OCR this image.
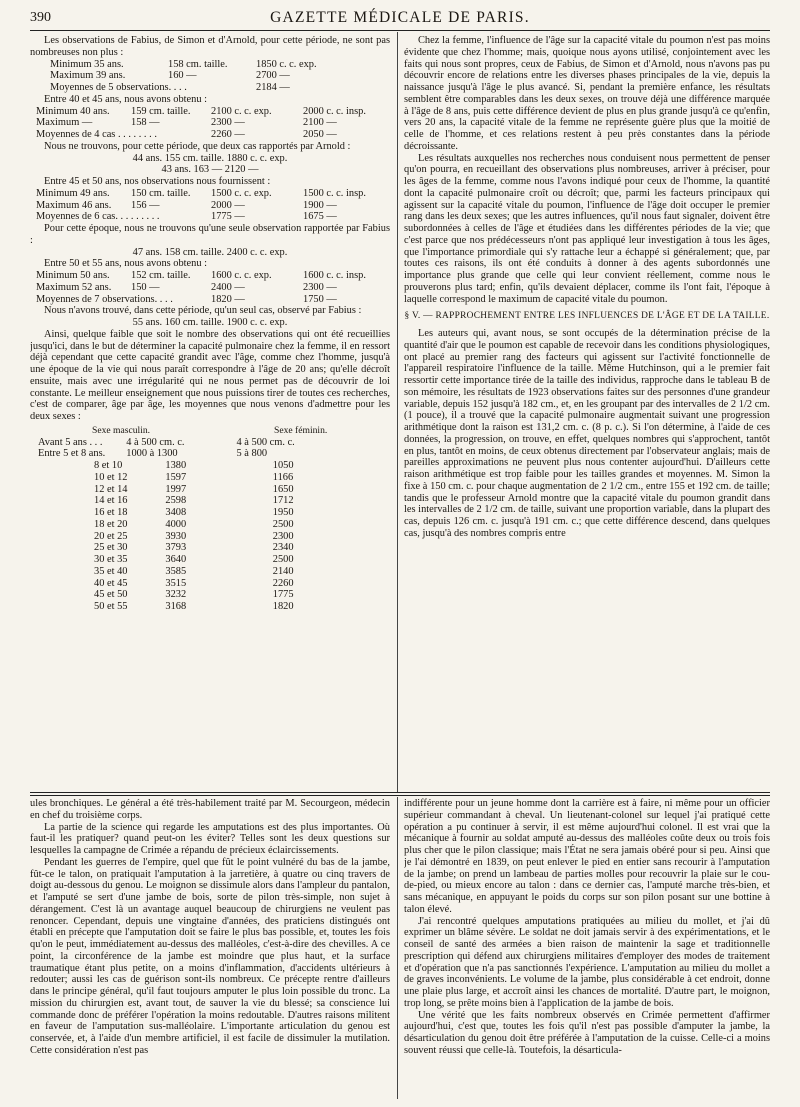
390	GAZETTE MÉDICALE DE PARIS.

Les observations de Fabius, de Simon et d'Arnold, pour cette période, ne sont pas nombreuses non plus :

Minimum 35 ans.	158 cm. taille.	1850 c. c. exp.
Maximum 39 ans.	160 —	2700 —
Moyennes de 5 observations. . . .	2184 —

Entre 40 et 45 ans, nous avons obtenu :

Minimum 40 ans.	159 cm. taille.	2100 c. c. exp.	2000 c. c. insp.
Maximum —	158 —	2300 —	2100 —
Moyennes de 4 cas . . . . . . . .	2260 —	2050 —

Nous ne trouvons, pour cette période, que deux cas rapportés par Arnold :

44 ans. 155 cm. taille. 1880 c. c. exp.
43 ans. 163 — 2120 —

Entre 45 et 50 ans, nos observations nous fournissent :

Minimum 49 ans.	150 cm. taille.	1500 c. c. exp.	1500 c. c. insp.
Maximum 46 ans.	156 —	2000 —	1900 —
Moyennes de 6 cas. . . . . . . . .	1775 —	1675 —

Pour cette époque, nous ne trouvons qu'une seule observation rapportée par Fabius :

47 ans. 158 cm. taille. 2400 c. c. exp.

Entre 50 et 55 ans, nous avons obtenu :

Minimum 50 ans.	152 cm. taille.	1600 c. c. exp.	1600 c. c. insp.
Maximum 52 ans.	150 —	2400 —	2300 —
Moyennes de 7 observations. . . .	1820 —	1750 —

Nous n'avons trouvé, dans cette période, qu'un seul cas, observé par Fabius :

55 ans. 160 cm. taille. 1900 c. c. exp.

Ainsi, quelque faible que soit le nombre des observations qui ont été recueillies jusqu'ici, dans le but de déterminer la capacité pulmonaire chez la femme, il en ressort déjà cependant que cette capacité grandit avec l'âge, comme chez l'homme, jusqu'à une époque de la vie qui nous paraît correspondre à l'âge de 20 ans; qu'elle décroît ensuite, mais avec une irrégularité qui ne nous permet pas de découvrir de loi constante. Le meilleur enseignement que nous puissions tirer de toutes ces recherches, c'est de comparer, âge par âge, les moyennes que nous venons d'admettre pour les deux sexes :

Sexe masculin.	Sexe féminin.
Avant 5 ans . . .	4 à 500 cm. c.	4 à 500 cm. c.
Entre 5 et 8 ans.	1000 à 1300	5 à 800
8 et 10	1380	1050
10 et 12	1597	1166
12 et 14	1997	1650
14 et 16	2598	1712
16 et 18	3408	1950
18 et 20	4000	2500
20 et 25	3930	2300
25 et 30	3793	2340
30 et 35	3640	2500
35 et 40	3585	2140
40 et 45	3515	2260
45 et 50	3232	1775
50 et 55	3168	1820

Chez la femme, l'influence de l'âge sur la capacité vitale du poumon n'est pas moins évidente que chez l'homme; mais, quoique nous ayons utilisé, conjointement avec les faits qui nous sont propres, ceux de Fabius, de Simon et d'Arnold, nous n'avons pas pu découvrir encore de relations entre les diverses phases principales de la vie, depuis la naissance jusqu'à l'âge le plus avancé. Si, pendant la première enfance, les résultats semblent être comparables dans les deux sexes, on trouve déjà une différence marquée à l'âge de 8 ans, puis cette différence devient de plus en plus grande jusqu'à ce qu'enfin, vers 20 ans, la capacité vitale de la femme ne représente guère plus que la moitié de celle de l'homme, et ces relations restent à peu près constantes dans la période décroissante.

Les résultats auxquelles nos recherches nous conduisent nous permettent de penser qu'on pourra, en recueillant des observations plus nombreuses, arriver à préciser, pour les âges de la femme, comme nous l'avons indiqué pour ceux de l'homme, la quantité dont la capacité pulmonaire croît ou décroît; que, parmi les facteurs principaux qui agissent sur la capacité vitale du poumon, l'influence de l'âge doit occuper le premier rang dans les deux sexes; que les autres influences, qu'il nous faut signaler, doivent être subordonnées à celles de l'âge et étudiées dans les différentes périodes de la vie; que c'est parce que nos prédécesseurs n'ont pas appliqué leur investigation à tous les âges, que l'importance primordiale qui s'y rattache leur a échappé si généralement; que, par toutes ces raisons, ils ont été conduits à donner à des agents subordonnés une importance plus grande que celle qui leur convient réellement, comme nous le prouverons plus tard; enfin, qu'ils devaient déplacer, comme ils l'ont fait, l'époque à laquelle correspond le maximum de capacité vitale du poumon.

§ V. — RAPPROCHEMENT ENTRE LES INFLUENCES DE L'ÂGE ET DE LA TAILLE.

Les auteurs qui, avant nous, se sont occupés de la détermination précise de la quantité d'air que le poumon est capable de recevoir dans les conditions physiologiques, ont placé au premier rang des facteurs qui agissent sur l'activité fonctionnelle de l'appareil respiratoire l'influence de la taille. Même Hutchinson, qui a le premier fait ressortir cette importance tirée de la taille des individus, rapproche dans le tableau B de son mémoire, les résultats de 1923 observations faites sur des personnes d'une grandeur variable, depuis 152 jusqu'à 182 cm., et, en les groupant par des intervalles de 2 1/2 cm. (1 pouce), il a trouvé que la capacité pulmonaire augmentait suivant une progression arithmétique dont la raison est 131,2 cm. c. (8 p. c.). Si l'on détermine, à l'aide de ces données, la progression, on trouve, en effet, quelques nombres qui s'approchent, tantôt en plus, tantôt en moins, de ceux obtenus directement par l'observateur anglais; mais de pareilles approximations ne peuvent plus nous contenter aujourd'hui. D'ailleurs cette raison arithmétique est trop faible pour les tailles grandes et moyennes. M. Simon la fixe à 150 cm. c. pour chaque augmentation de 2 1/2 cm., entre 155 et 192 cm. de taille; tandis que le professeur Arnold montre que la capacité vitale du poumon grandit dans les intervalles de 2 1/2 cm. de taille, suivant une proportion variable, dans la plupart des cas, depuis 126 cm. c. jusqu'à 191 cm. c.; que cette différence descend, dans quelques cas, jusqu'à des nombres compris entre

ules bronchiques. Le général a été très-habilement traité par M. Secourgeon, médecin en chef du troisième corps.

La partie de la science qui regarde les amputations est des plus importantes. Où faut-il les pratiquer? quand peut-on les éviter? Telles sont les deux questions sur lesquelles la campagne de Crimée a répandu de précieux éclaircissements.

Pendant les guerres de l'empire, quel que fût le point vulnéré du bas de la jambe, fût-ce le talon, on pratiquait l'amputation à la jarretière, à quatre ou cinq travers de doigt au-dessous du genou. Le moignon se dissimule alors dans l'ampleur du pantalon, et l'amputé se sert d'une jambe de bois, sorte de pilon très-simple, non sujet à dérangement. C'est là un avantage auquel beaucoup de chirurgiens ne veulent pas renoncer. Cependant, depuis une vingtaine d'années, des praticiens distingués ont établi en précepte que l'amputation doit se faire le plus bas possible, et, toutes les fois qu'on le peut, immédiatement au-dessus des malléoles, c'est-à-dire des chevilles. A ce point, la circonférence de la jambe est moindre que plus haut, et la surface traumatique étant plus petite, on a moins d'inflammation, d'accidents ultérieurs à redouter; aussi les cas de guérison sont-ils nombreux. Ce précepte rentre d'ailleurs dans le principe général, qu'il faut toujours amputer le plus loin possible du tronc. La mission du chirurgien est, avant tout, de sauver la vie du blessé; sa conscience lui commande donc de préférer l'opération la moins redoutable. D'autres raisons militent en faveur de l'amputation sus-malléolaire. L'importante articulation du genou est conservée, et, à l'aide d'un membre artificiel, il est facile de dissimuler la mutilation. Cette considération n'est pas

indifférente pour un jeune homme dont la carrière est à faire, ni même pour un officier supérieur commandant à cheval. Un lieutenant-colonel sur lequel j'ai pratiqué cette opération a pu continuer à servir, il est même aujourd'hui colonel. Il est vrai que la mécanique à fournir au soldat amputé au-dessus des malléoles coûte deux ou trois fois plus cher que le pilon classique; mais l'État ne sera jamais obéré pour si peu. Ainsi que je l'ai démontré en 1839, on peut enlever le pied en entier sans recourir à l'amputation de la jambe; on prend un lambeau de parties molles pour recouvrir la plaie sur le cou-de-pied, ou mieux encore au talon : dans ce dernier cas, l'amputé marche très-bien, et sans mécanique, en appuyant le poids du corps sur son pilon posant sur une bottine à talon élevé.

J'ai rencontré quelques amputations pratiquées au milieu du mollet, et j'ai dû exprimer un blâme sévère. Le soldat ne doit jamais servir à des expérimentations, et le conseil de santé des armées a bien raison de maintenir la sage et traditionnelle prescription qui défend aux chirurgiens militaires d'employer des modes de traitement et d'opération que n'a pas sanctionnés l'expérience. L'amputation au milieu du mollet a de graves inconvénients. Le volume de la jambe, plus considérable à cet endroit, donne une plaie plus large, et accroît ainsi les chances de mortalité. D'autre part, le moignon, trop long, se prête moins bien à l'application de la jambe de bois.

Une vérité que les faits nombreux observés en Crimée permettent d'affirmer aujourd'hui, c'est que, toutes les fois qu'il n'est pas possible d'amputer la jambe, la désarticulation du genou doit être préférée à l'amputation de la cuisse. Celle-ci a moins souvent réussi que celle-là. Toutefois, la désarticula-
